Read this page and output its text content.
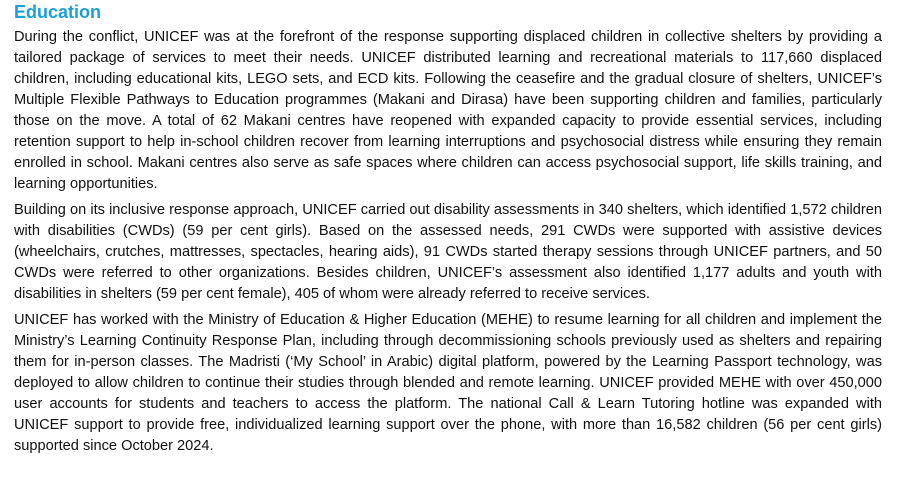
Education

During the conflict, UNICEF was at the forefront of the response supporting displaced children in collective shelters by providing a tailored package of services to meet their needs. UNICEF distributed learning and recreational materials to 117,660 displaced children, including educational kits, LEGO sets, and ECD kits. Following the ceasefire and the gradual closure of shelters, UNICEF’s Multiple Flexible Pathways to Education programmes (Makani and Dirasa) have been supporting children and families, particularly those on the move. A total of 62 Makani centres have reopened with expanded capacity to provide essential services, including retention support to help in-school children recover from learning interruptions and psychosocial distress while ensuring they remain enrolled in school. Makani centres also serve as safe spaces where children can access psychosocial support, life skills training, and learning opportunities.

Building on its inclusive response approach, UNICEF carried out disability assessments in 340 shelters, which identified 1,572 children with disabilities (CWDs) (59 per cent girls). Based on the assessed needs, 291 CWDs were supported with assistive devices (wheelchairs, crutches, mattresses, spectacles, hearing aids), 91 CWDs started therapy sessions through UNICEF partners, and 50 CWDs were referred to other organizations. Besides children, UNICEF’s assessment also identified 1,177 adults and youth with disabilities in shelters (59 per cent female), 405 of whom were already referred to receive services.

UNICEF has worked with the Ministry of Education & Higher Education (MEHE) to resume learning for all children and implement the Ministry’s Learning Continuity Response Plan, including through decommissioning schools previously used as shelters and repairing them for in-person classes. The Madristi (‘My School’ in Arabic) digital platform, powered by the Learning Passport technology, was deployed to allow children to continue their studies through blended and remote learning. UNICEF provided MEHE with over 450,000 user accounts for students and teachers to access the platform. The national Call & Learn Tutoring hotline was expanded with UNICEF support to provide free, individualized learning support over the phone, with more than 16,582 children (56 per cent girls) supported since October 2024.
